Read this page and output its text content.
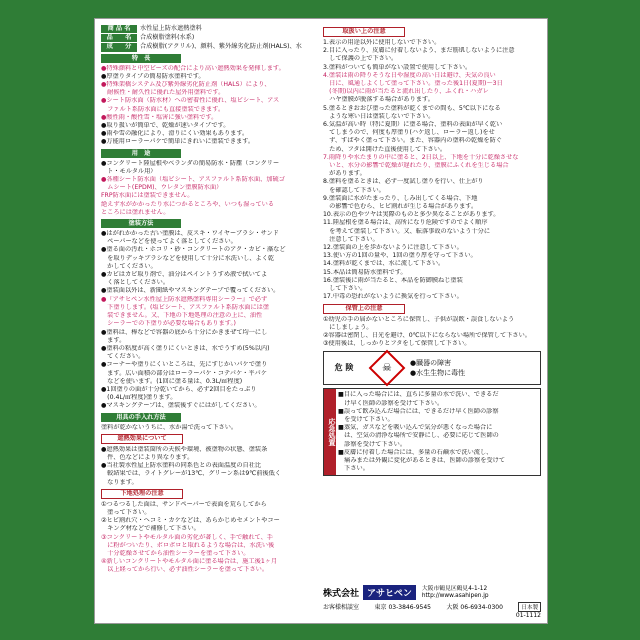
商 品 名	水性屋上防水遮熱塗料
品　　名	合成樹脂塗料(水系)
成　　分	合成樹脂(アクリル)、顔料、紫外線劣化防止剤(HALS)、水
特　長
●特殊顔料と中空ビーズの配合により高い遮熱効果を発揮します。
●厚塗りタイプの簡易防水塗料です。
●特殊架橋システム及び紫外線劣化防止剤（HALS）により、
　耐候性・耐久性に優れた屋外用塗料です。
●シート防水面（防水材）への密着性に優れ、塩ビシート、アス
　ファルト系防水面にも直接塗装できます。
●酸性雨・酸性雪・塩害に強い塗料です。
●取り扱いが簡単で、乾燥が速いタイプです。
●雨や雪の融化により、滑りにくい効果もあります。
●万能用ローラーパケで簡単にきれいに塗装できます。
用　途
●コンクリート陸屋根やベランダの簡易防水・防塵（コンクリー
　ト・モルタル用）
●各種シート防水面（塩ビシート、アスファルト系防水面、加硫ゴ
　ムシート(EPDM)、ウレタン塗膜防水面）
FRP防水面には塗装できません。
絶えず水がかかったり水につかるところや、いつも湿っている
ところには塗れません。
塗装方法
●はがれかかった古い塗膜は、皮スキ・ワイヤーブラシ・サンド
　ペーパーなどを使ってよく落としてください。
●塗る面の汚れ・ホコリ・砂・コンクリートのアク・カビ・藻など
　を取りデッキブラシなどを使用して十分に水洗いし、よく乾
　かしてください。
●カビはカビ取り剤で、油分はペイントうすめ液で拭いてよ
　く落としてください。
●塗装面以外は、新聞紙やマスキングテープで覆ってください。
●『アサヒペン水性屋上防水遮熱塗料専用シーラー』で必ず
　下塗りします。(塩ビシート、アスファルト系防水面には塗
　装できません。又、下地の下地処理の注意の上に、油性
　シーラーでの下塗りが必要な場合もあります。)
●塗料は、棒などで容器の底から十分にかきまぜて均一にし
　ます。
●塗料の粘度が高く塗りにくいときは、水でうすめ(5%以内)
　てください。
●コーナーや塗りにくいところは、先にすじかいパケで塗り
　ます。広い面積の部分はローラーパケ・コテパケ・平パケ
　などを使います。(1回に塗る量は、0.3L/㎡程度)
●1回塗りの面が十分乾いてから、必ず2回目をたっぷり
　(0.4L/㎡程度)塗ります。
●マスキングテープは、塗装後すぐにはがしてください。
用具の手入れ方法
塗料が乾かないうちに、水か湯で洗って下さい。
遮熱効果について
●遮熱効果は塗装箇所の天候や環境、被塗物の状態、塗装条
　件、色などにより異なります。
●当社製水性屋上防水塗料の同系色との表面温度の自社比
　較結果では、ライトグレーが13℃、グリーン系は9℃前後低く
　なります。
下地処理の注意
①つるつるした面は、サンドペーパーで表面を荒らしてから
　塗って下さい。
②ヒビ割れ穴・ヘコミ・カケなどは、あらかじめセメントやコー
　キング材などで補修して下さい。
③コンクリートやモルタル面の劣化が著しく、手で触れて、手
　に粉がついたり、ボロボロと取れるような場合は、水洗い後
　十分乾燥させてから油性シーラーを塗って下さい。
④新しいコンクリートやモルタル面に塗る場合は、施工後1ヶ月
　以上経ってから行い、必ず油性シーラーを塗って下さい。
取扱い上の注意
1.表示の用途以外に使用しないで下さい。
2.目に入ったり、皮膚に付着しないよう、まだ筋肌しないように注意
　して保護の上で下さい。
3.塗料がついても簡単がない設置で使用して下さい。
4.塗装は雨の降りそうな日や湿度の高い日は避け、天気の良い
　日に、風通しよくして塗って下さい。塗った後1日(夏期)〜3日
　(冬期)以内に雨が当たると流れ出したり、ふくれ・ハガレ
　ハヤ塗膜が脱落する場合があります。
5.塗るときおおび塗った塗料が乾くまでの間も、5℃以下になる
　ような寒い日は塗装しないで下さい。
6.気温が高い時（特に夏期）に塗る場合、塗料の表面が早く乾い
　てしまうので、何度も厚塗り(ハケ返し、ローラー返し)をせ
　ず、すばやく塗って下さい。また、容器内の塗料の乾燥を防ぐ
　ため、フタは開けた直後使用して下さい。
7.雨降りや水たまりの中に塗ると、2日以上、下地を十分に乾燥させな
　いと、水分の影響で乾燥が遅れたり、塗膜にふくれを生じる場合
　があります。
8.塗料を塗るときは、必ず一度試し塗りを行い、仕上がり
　を確認して下さい。
9.塗装面に水がたまったり、しみ出してくる場合、下地
　の影響で色むら、ヒビ割れが生じる場合があります。
10.表示の色やツヤは実際のものと多少異なることがあります。
11.陸屋根を塗る場合は、高所になり危険ですのでよく順序
　を考えて塗装して下さい。又、転落事故のないよう十分に
　注意して下さい。
12.塗装面の上を歩かないように注意して下さい。
13.使い方の1回の量や、1回の塗り厚を守って下さい。
14.塗料が乾くまでは、水に流して下さい。
15.本品は簡易防水塗料です。
16.塗装後に雨が当たると、本品を防御膜ねじ塗装
　して下さい。
17.中毒の恐れがないように換気を行って下さい。
保管上の注意
①幼児の手の届かないところに保管し、子供が誤飲・誤食しないよう
　にしましょう。
②容器は密閉し、日光を避け、0℃以下にならない場所で保管して下さい。
③使用後は、しっかりとフタをして保管して下さい。
危 険	☠	●臓器の障害
●水生生物に毒性
応急処置
■目に入った場合には、直ちに多量の水で洗い、できるだ
　け早く医師の診察を受けて下さい。
■誤って飲み込んだ場合には、できるだけ早く医師の診察
　を受けて下さい。
■蒸気、ガスなどを吸い込んで気分が悪くなった場合に
　は、空気の清浄な場所で安静にし、必要に応じて医師の
　診察を受けて下さい。
■皮膚に付着した場合には、多量の石鹸水で洗い流し、
　痛みまたは外観に変化があるときは、医師の診察を受けて
　下さい。
株式会社 アサヒペン
大阪市鶴見区鶴見4-1-12
http://www.asahipen.jp
お客様相談室	東京 03-3846-9545	大阪 06-6934-0300	日本製
01-1112
